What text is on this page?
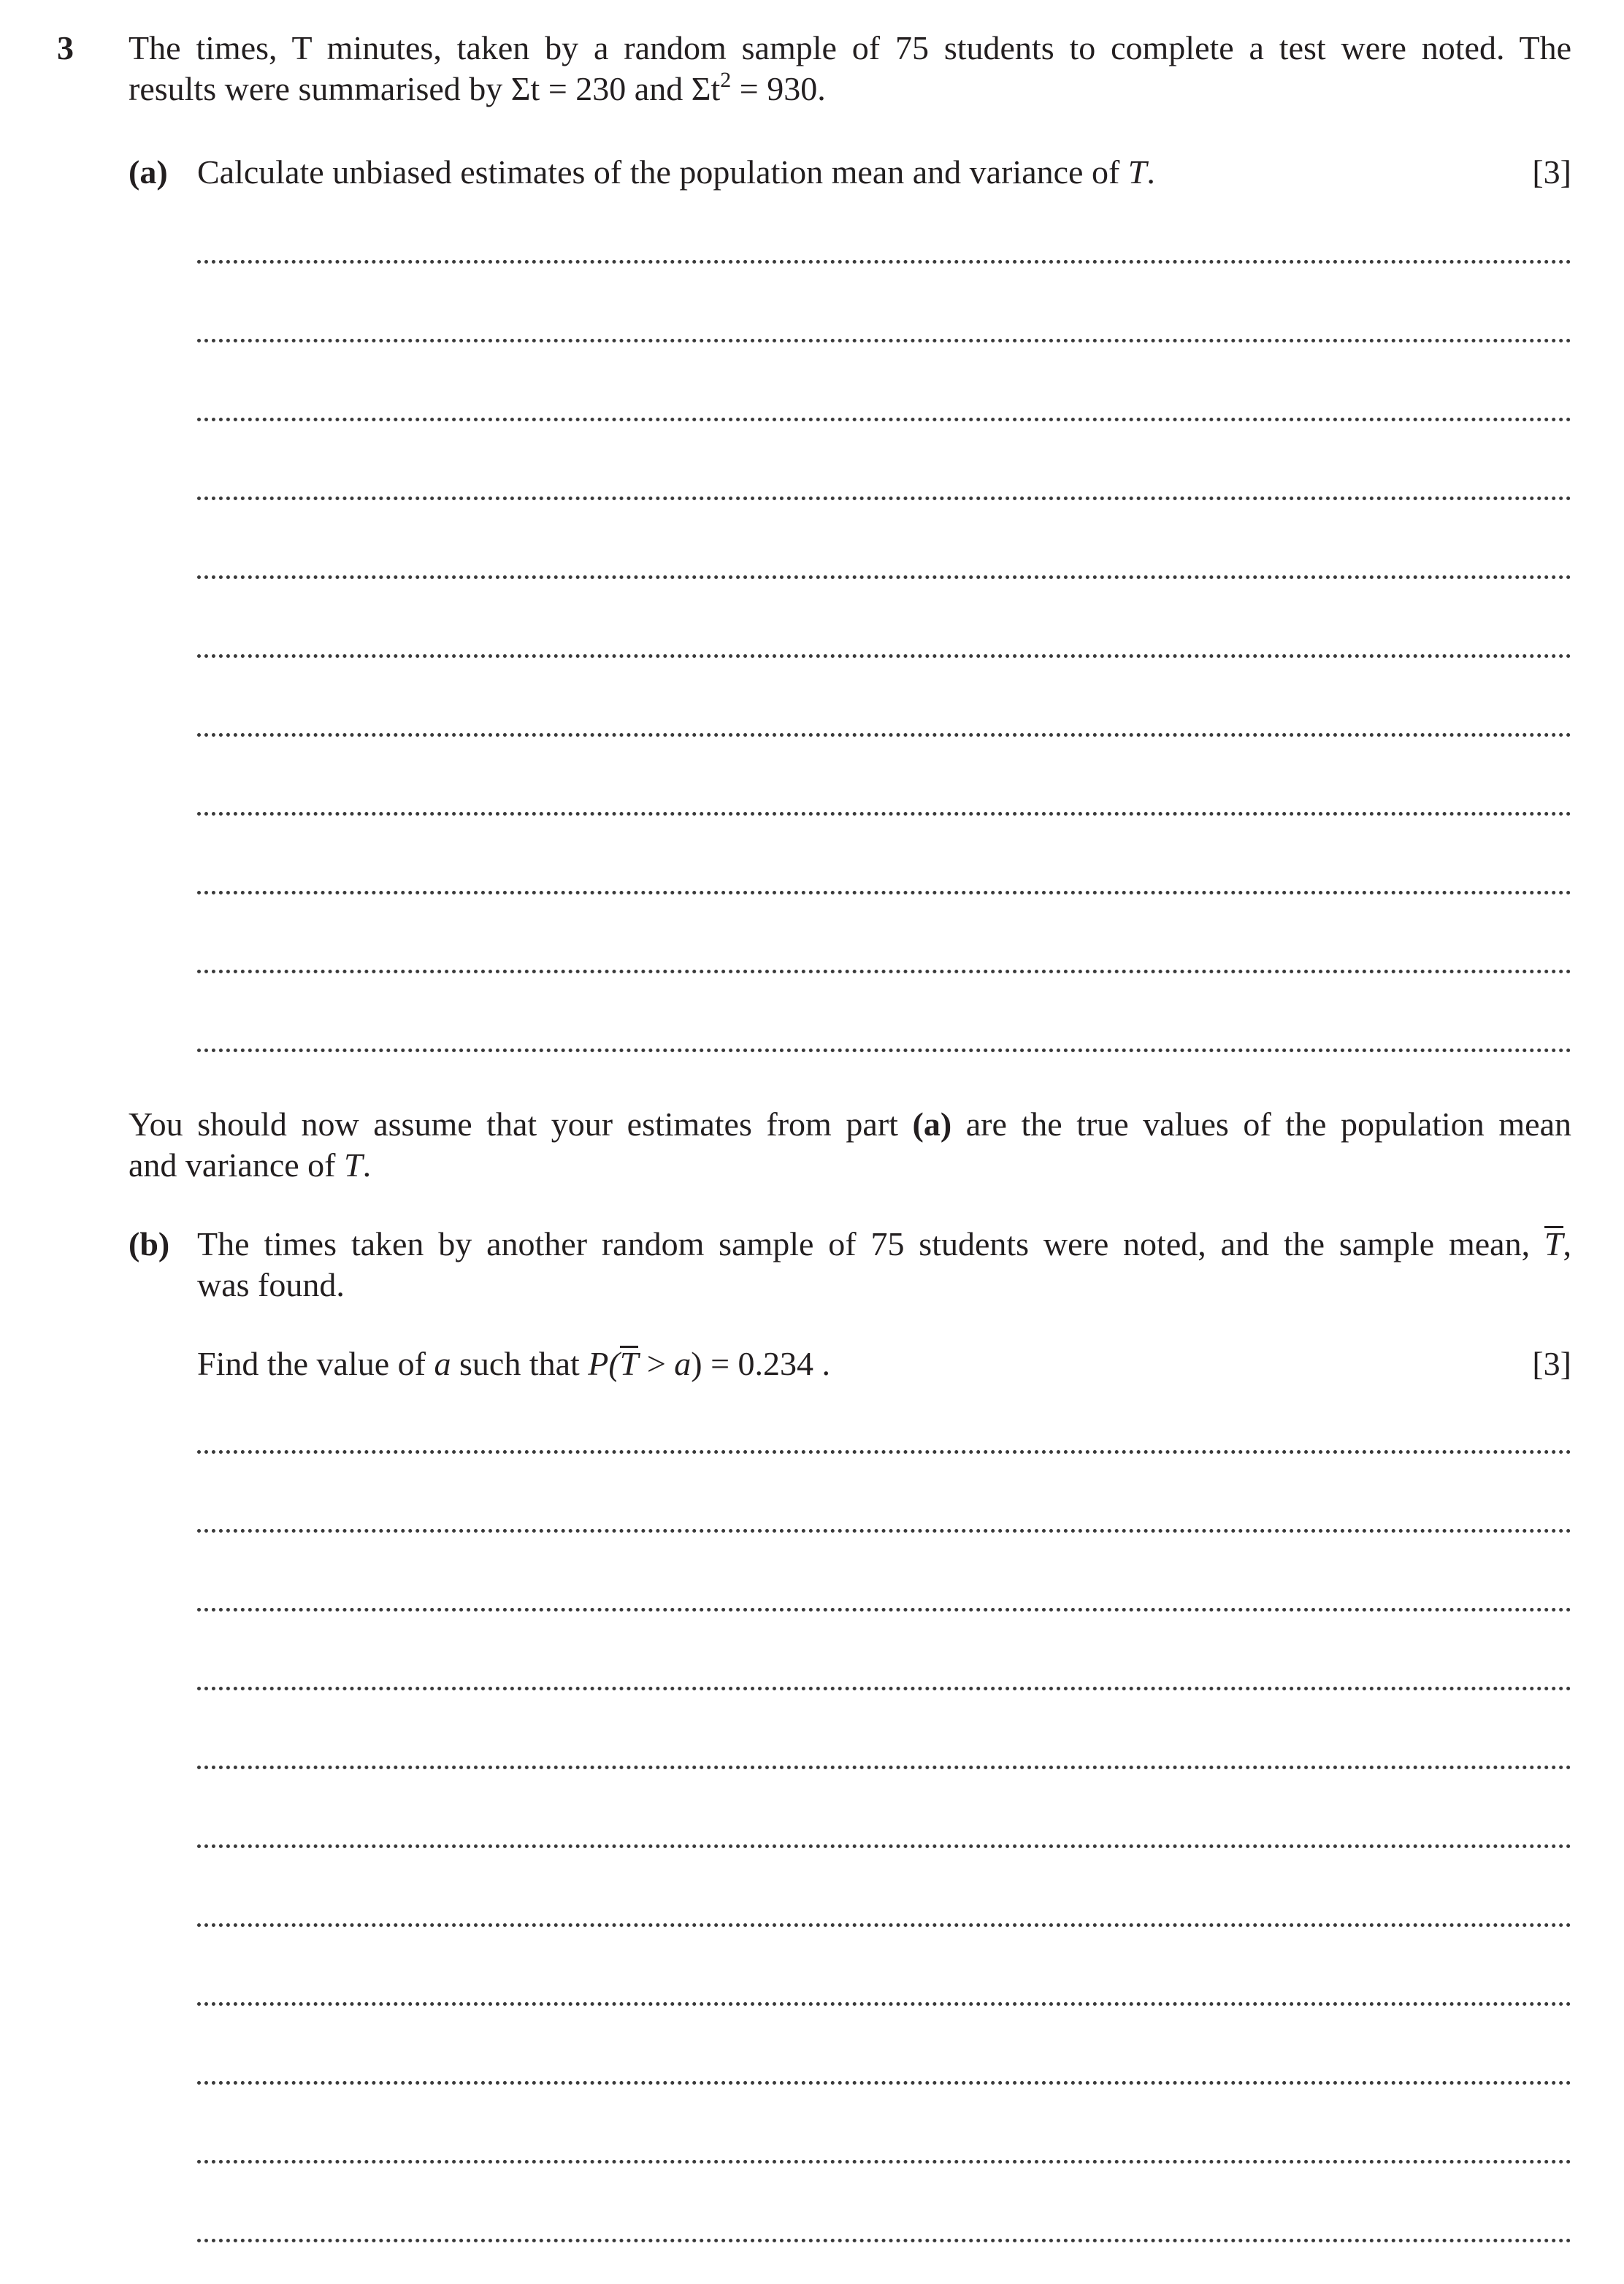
3 The times, T minutes, taken by a random sample of 75 students to complete a test were noted. The
results were summarised by Σt = 230 and $\Sigma t^2 = 930$.
(a) Calculate unbiased estimates of the population mean and variance of T.	[3]
You should now assume that your estimates from part (a) are the true values of the population mean
and variance of T.
(b) The times taken by another random sample of 75 students were noted, and the sample mean, T,
was found.
Find the value of a such that P(T > a) = 0.234 .	[3]
